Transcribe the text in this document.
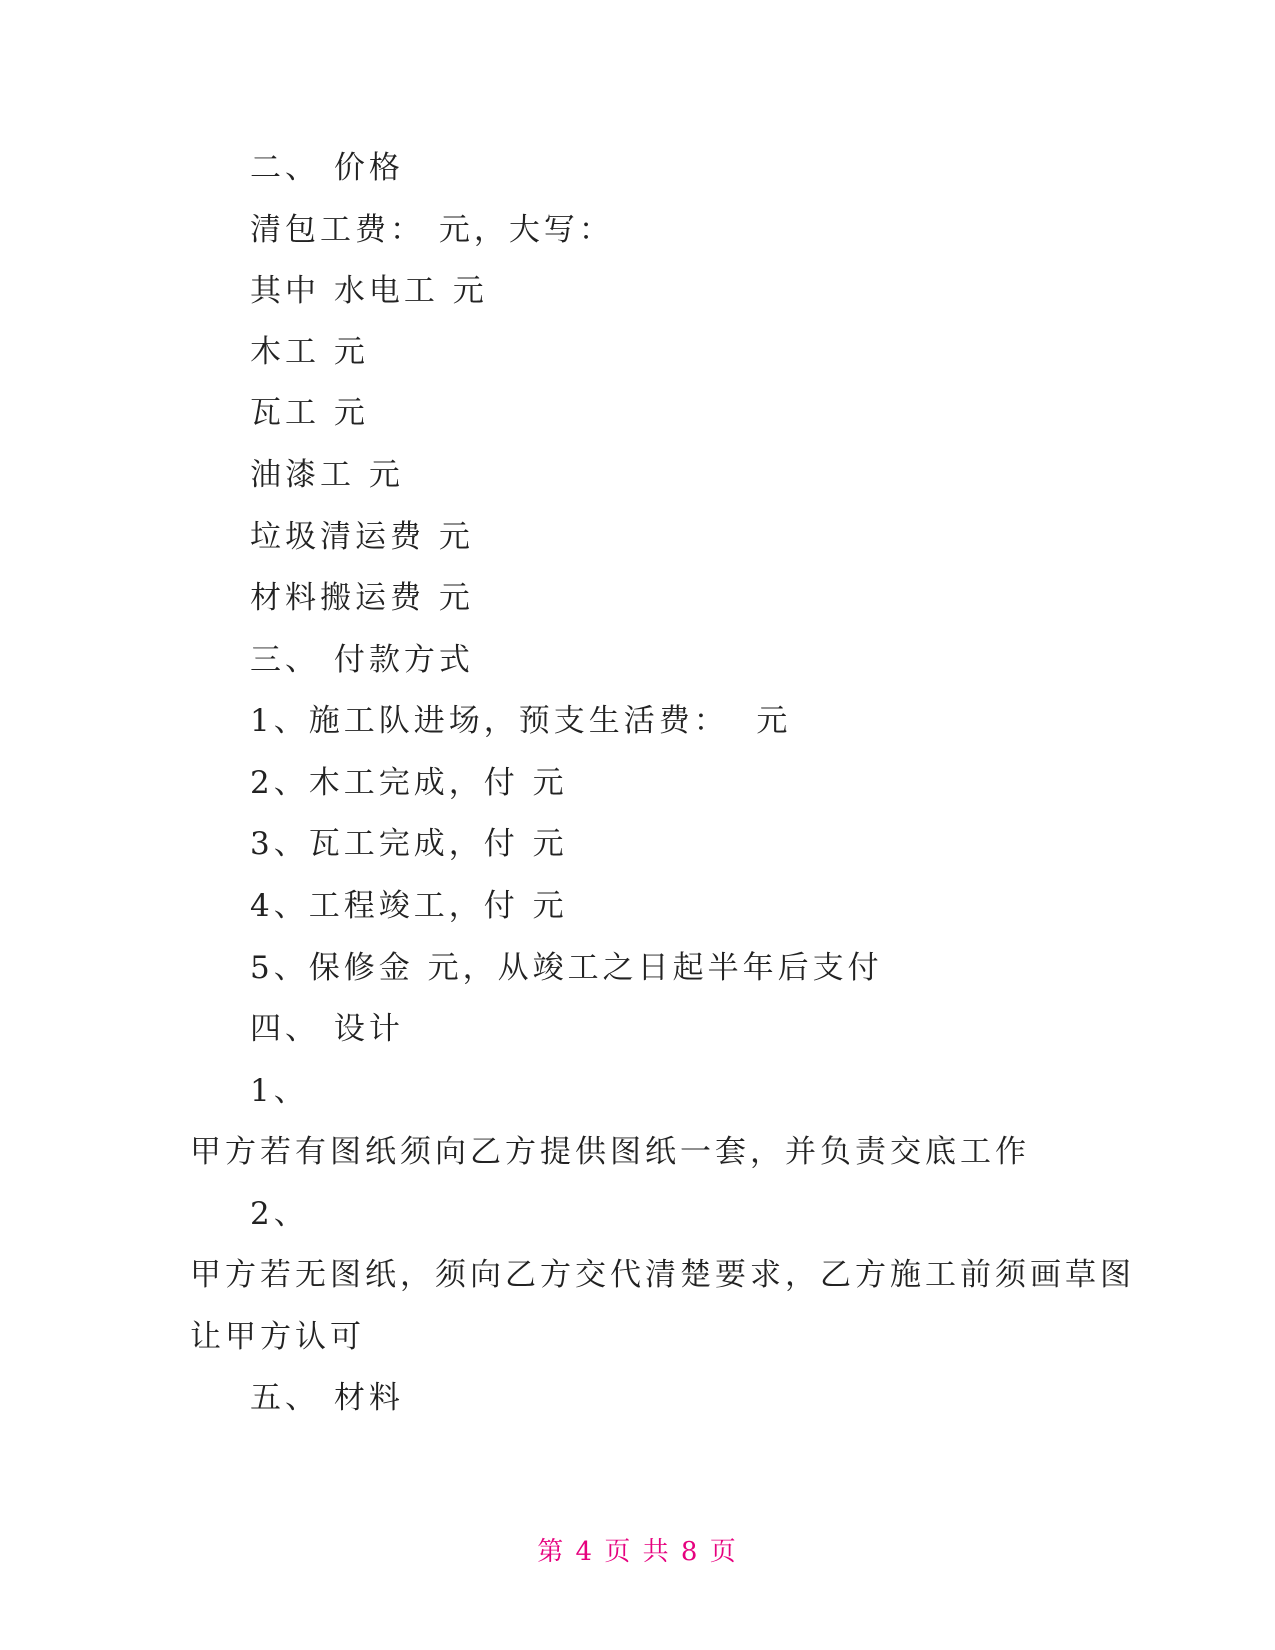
二、 价格
清包工费： 元，大写：
其中 水电工 元
木工 元
瓦工 元
油漆工 元
垃圾清运费 元
材料搬运费 元
三、 付款方式
1、施工队进场，预支生活费：  元
2、木工完成，付 元
3、瓦工完成，付 元
4、工程竣工，付 元
5、保修金 元，从竣工之日起半年后支付
四、 设计
1、
甲方若有图纸须向乙方提供图纸一套，并负责交底工作
2、
甲方若无图纸，须向乙方交代清楚要求，乙方施工前须画草图
让甲方认可
五、 材料
第 4 页 共 8 页
